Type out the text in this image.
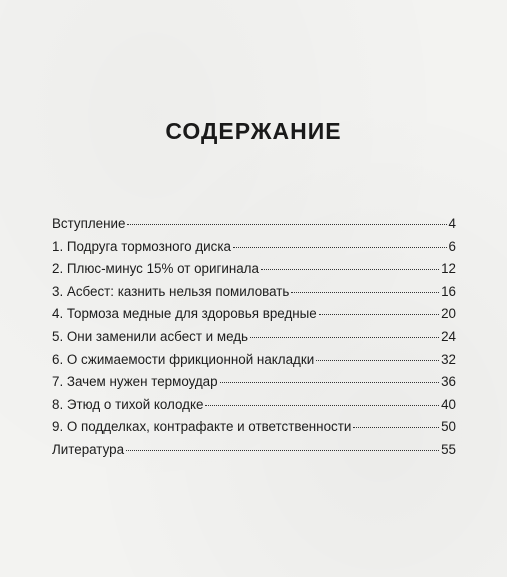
СОДЕРЖАНИЕ
Вступление	4
1. Подруга тормозного диска	6
2. Плюс-минус 15% от оригинала	12
3. Асбест: казнить нельзя помиловать	16
4. Тормоза медные для здоровья вредные	20
5. Они заменили асбест и медь	24
6. О сжимаемости фрикционной накладки	32
7. Зачем нужен термоудар	36
8. Этюд о тихой колодке	40
9. О подделках, контрафакте и ответственности	50
Литература	55
